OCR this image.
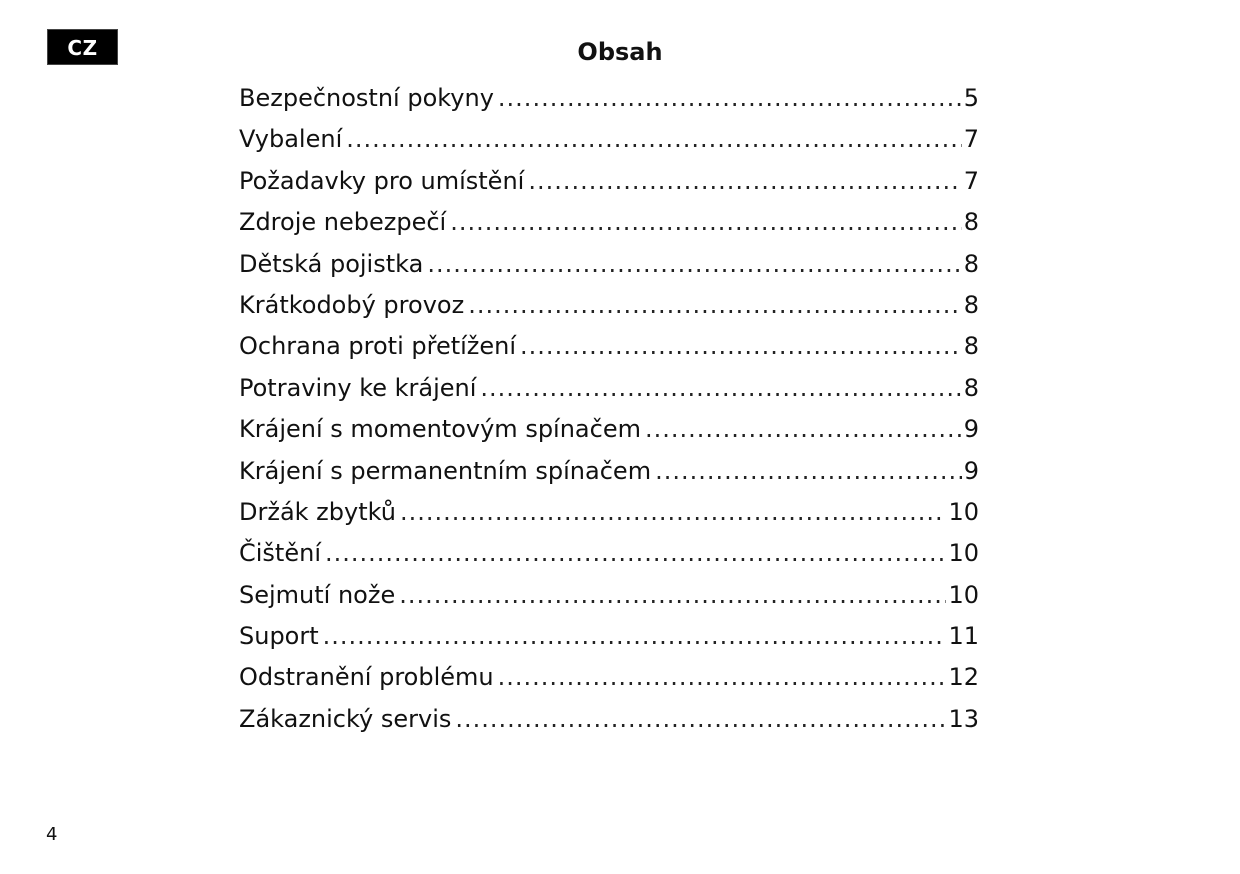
CZ	Obsah
Bezpečnostní pokyny .....	5
Vybalení .....	7
Požadavky pro umístění .....	7
Zdroje nebezpečí .....	8
Dětská pojistka .....	8
Krátkodobý provoz .....	8
Ochrana proti přetížení .....	8
Potraviny ke krájení .....	8
Krájení s momentovým spínačem .....	9
Krájení s permanentním spínačem .....	9
Držák zbytků .....	10
Čištění .....	10
Sejmutí nože .....	10
Suport .....	11
Odstranění problému .....	12
Zákaznický servis .....	13
4
